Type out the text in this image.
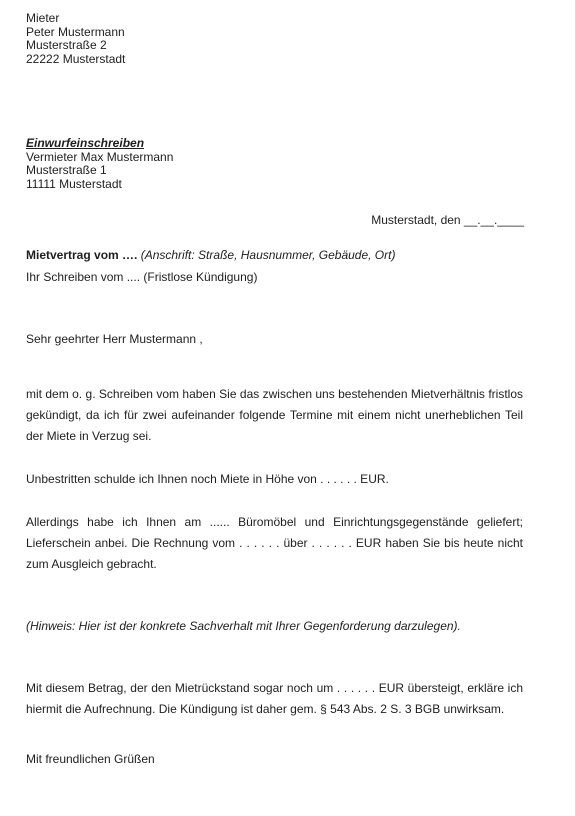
Mieter
Peter Mustermann
Musterstraße 2
22222 Musterstadt
Einwurfeinschreiben
Vermieter Max Mustermann
Musterstraße 1
11111 Musterstadt
Musterstadt, den __.__.____
Mietvertrag vom …. (Anschrift: Straße, Hausnummer, Gebäude, Ort)
Ihr Schreiben vom .... (Fristlose Kündigung)
Sehr geehrter Herr Mustermann ,
mit dem o. g. Schreiben vom haben Sie das zwischen uns bestehenden Mietverhältnis fristlos gekündigt, da ich für zwei aufeinander folgende Termine mit einem nicht unerheblichen Teil der Miete in Verzug sei.
Unbestritten schulde ich Ihnen noch Miete in Höhe von . . . . . . EUR.
Allerdings habe ich Ihnen am ...... Büromöbel und Einrichtungsgegenstände geliefert; Lieferschein anbei. Die Rechnung vom . . . . . . über . . . . . . EUR haben Sie bis heute nicht zum Ausgleich gebracht.
(Hinweis: Hier ist der konkrete Sachverhalt mit Ihrer Gegenforderung darzulegen).
Mit diesem Betrag, der den Mietrückstand sogar noch um . . . . . . EUR übersteigt, erkläre ich hiermit die Aufrechnung. Die Kündigung ist daher gem. § 543 Abs. 2 S. 3 BGB unwirksam.
Mit freundlichen Grüßen
